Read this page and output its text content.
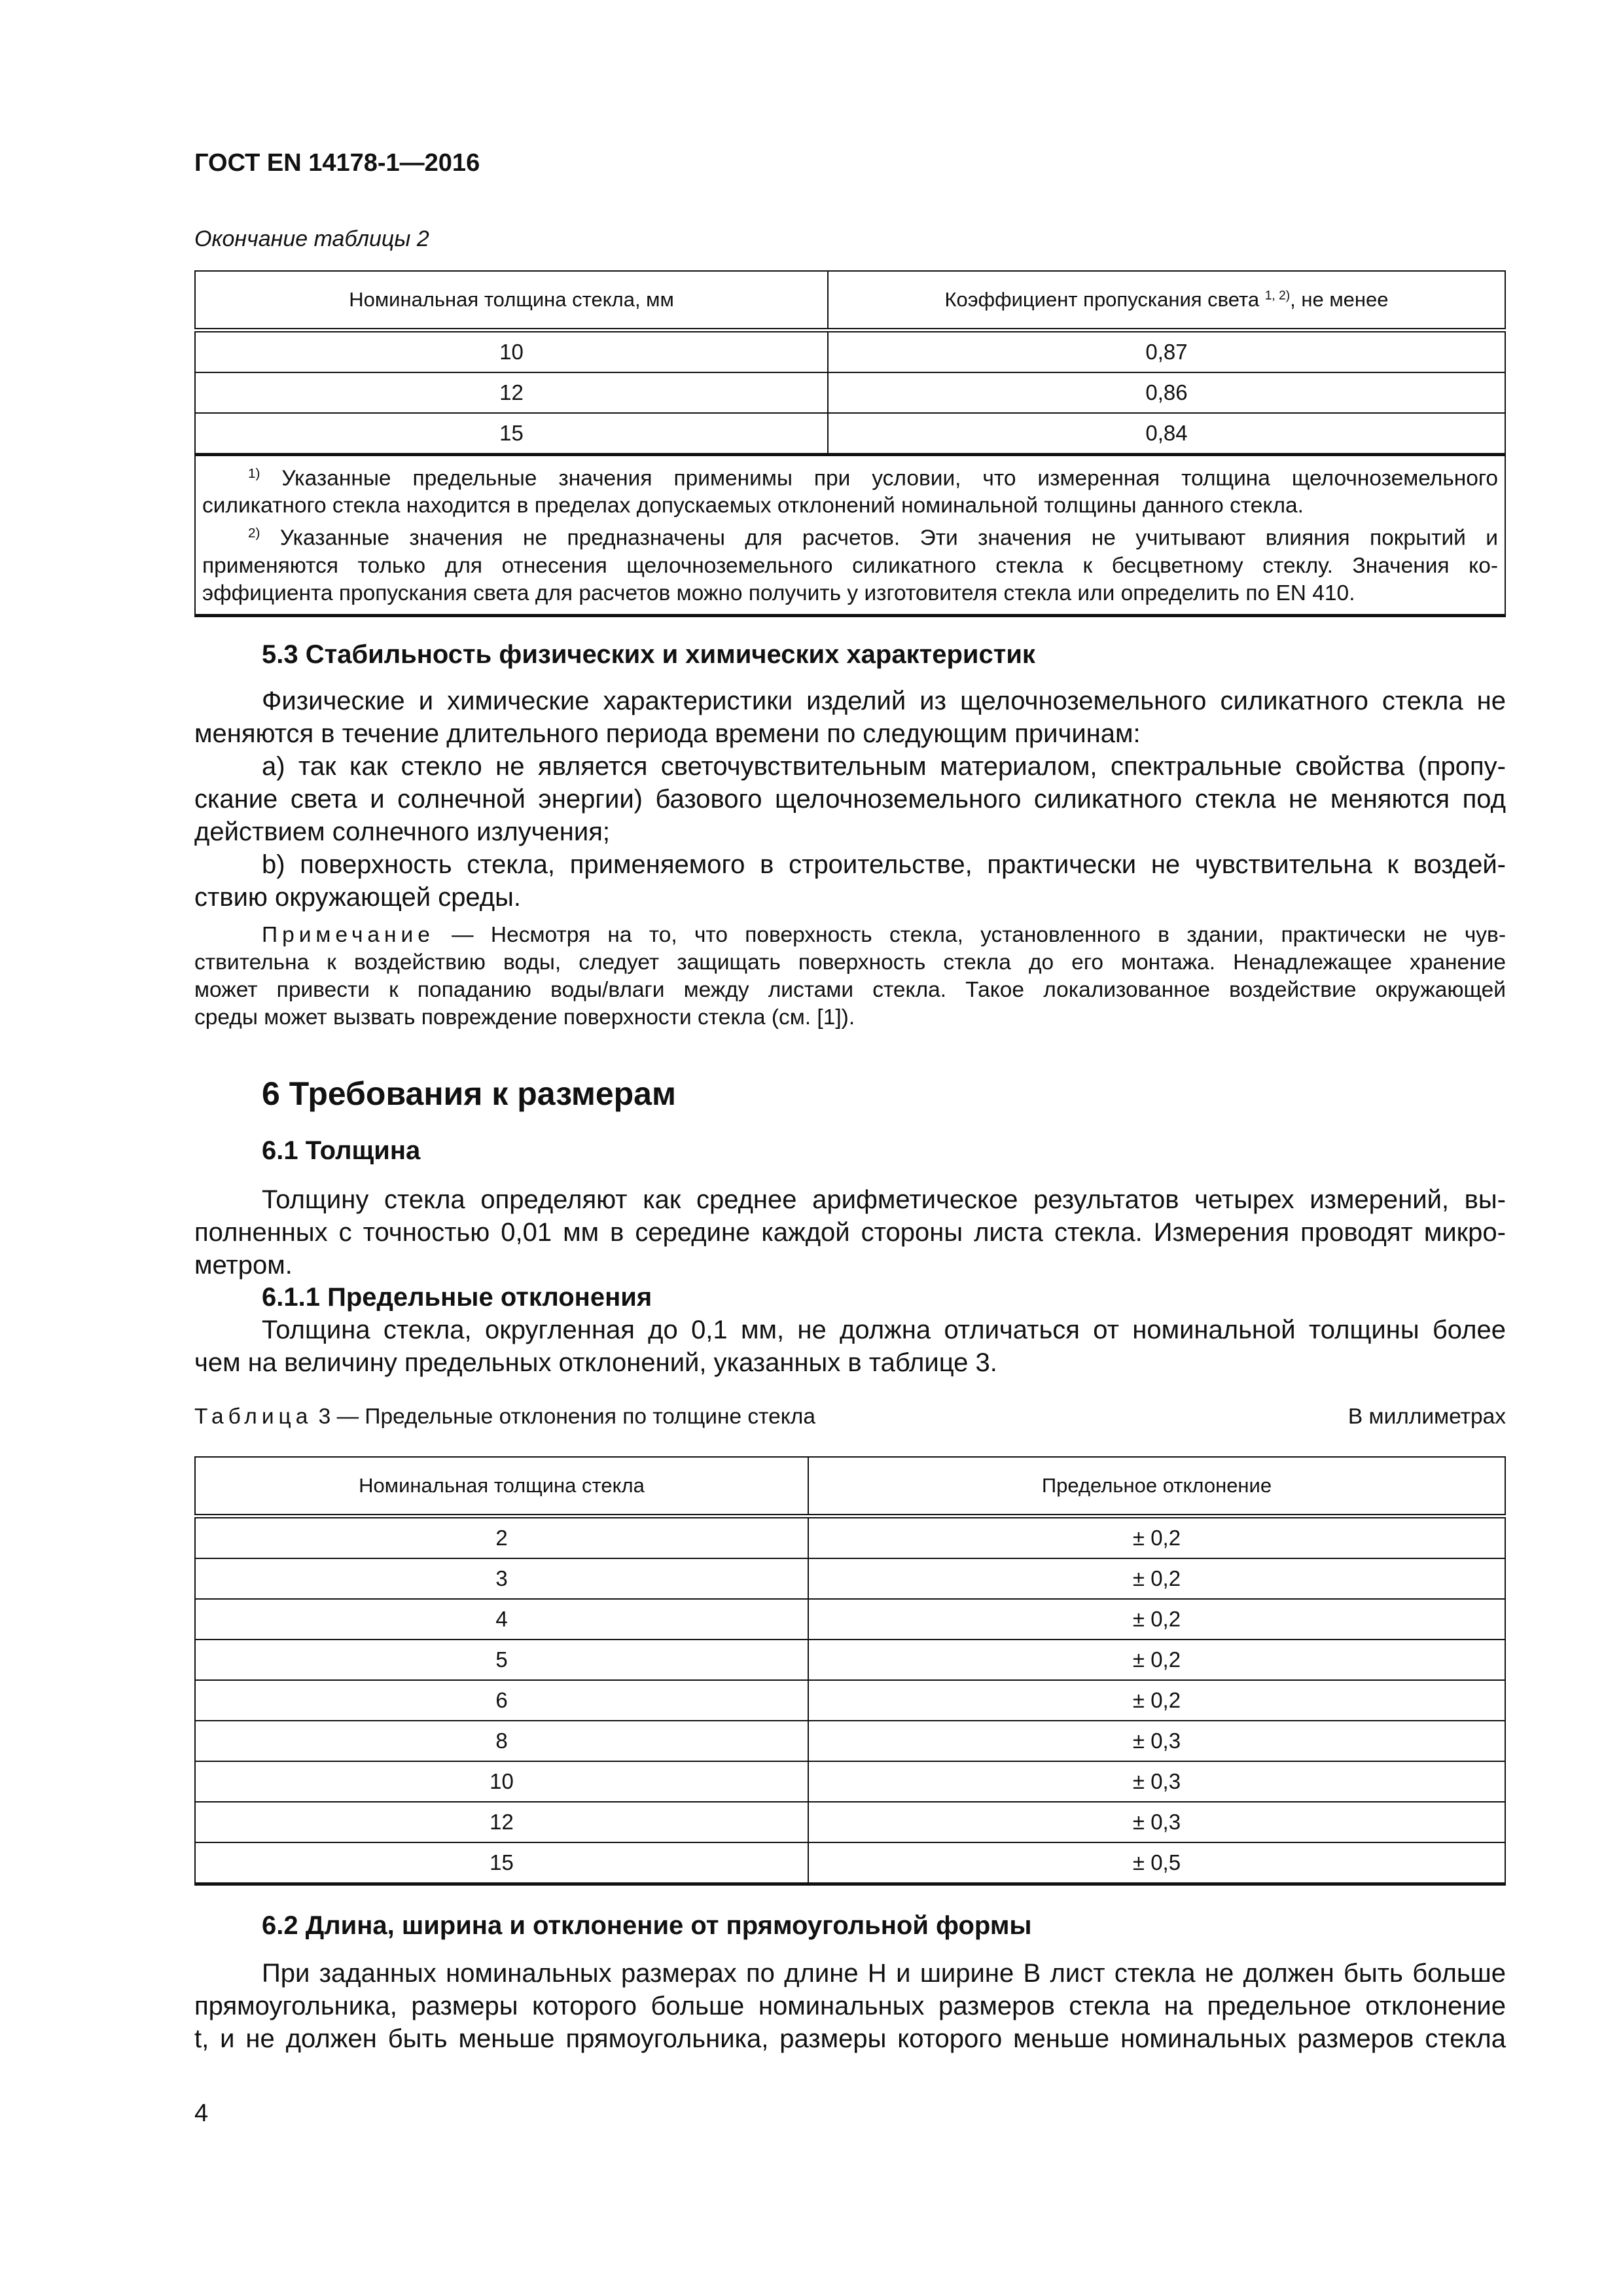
ГОСТ EN 14178-1—2016
Окончание таблицы 2
Номинальная толщина стекла, мм	Коэффициент пропускания света $^{1, 2)}$, не менее
10	0,87
12	0,86
15	0,84

$^{1)}$ Указанные предельные значения применимы при условии, что измеренная толщина щелочноземельного
силикатного стекла находится в пределах допускаемых отклонений номинальной толщины данного стекла.
$^{2)}$ Указанные значения не предназначены для расчетов. Эти значения не учитывают влияния покрытий и
применяются только для отнесения щелочноземельного силикатного стекла к бесцветному стеклу. Значения ко-
эффициента пропускания света для расчетов можно получить у изготовителя стекла или определить по EN 410.	
5.3 Стабильность физических и химических характеристик
Физические и химические характеристики изделий из щелочноземельного силикатного стекла не
меняются в течение длительного периода времени по следующим причинам:
а) так как стекло не является светочувствительным материалом, спектральные свойства (пропу-
скание света и солнечной энергии) базового щелочноземельного силикатного стекла не меняются под
действием солнечного излучения;
b) поверхность стекла, применяемого в строительстве, практически не чувствительна к воздей-
ствию окружающей среды.
Примечание — Несмотря на то, что поверхность стекла, установленного в здании, практически не чув-
ствительна к воздействию воды, следует защищать поверхность стекла до его монтажа. Ненадлежащее хранение
может привести к попаданию воды/влаги между листами стекла. Такое локализованное воздействие окружающей
среды может вызвать повреждение поверхности стекла (см. [1]).
6 Требования к размерам
6.1 Толщина
Толщину стекла определяют как среднее арифметическое результатов четырех измерений, вы-
полненных с точностью 0,01 мм в середине каждой стороны листа стекла. Измерения проводят микро-
метром.
6.1.1 Предельные отклонения
Толщина стекла, округленная до 0,1 мм, не должна отличаться от номинальной толщины более
чем на величину предельных отклонений, указанных в таблице 3.
Таблица 3 — Предельные отклонения по толщине стекла	В миллиметрах
Номинальная толщина стекла	Предельное отклонение
2	± 0,2
3	± 0,2
4	± 0,2
5	± 0,2
6	± 0,2
8	± 0,3
10	± 0,3
12	± 0,3
15	± 0,5
6.2 Длина, ширина и отклонение от прямоугольной формы
При заданных номинальных размерах по длине H и ширине B лист стекла не должен быть больше
прямоугольника, размеры которого больше номинальных размеров стекла на предельное отклонение
t, и не должен быть меньше прямоугольника, размеры которого меньше номинальных размеров стекла
4
